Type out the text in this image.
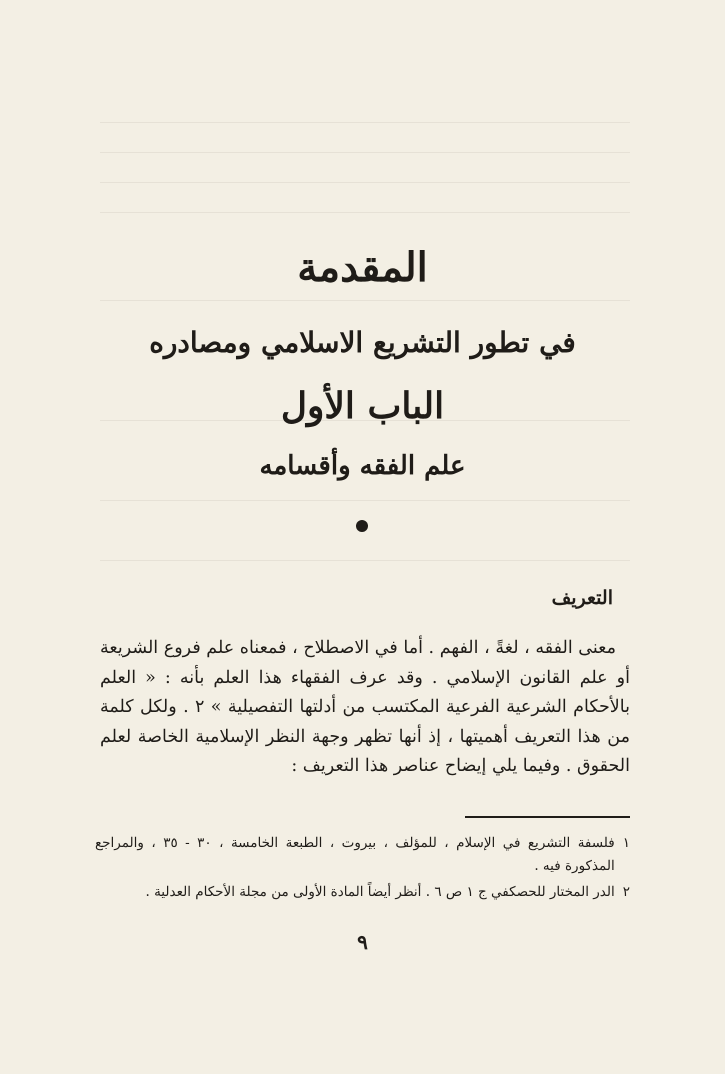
المقدمة
في تطور التشريع الاسلامي ومصادره
الباب الأول
علم الفقه وأقسامه
التعريف

معنى الفقه ، لغةً ، الفهم . أما في الاصطلاح ، فمعناه علم فروع الشريعة أو علم القانون الإسلامي . وقد عرف الفقهاء هذا العلم بأنه : « العلم بالأحكام الشرعية الفرعية المكتسب من أدلتها التفصيلية » ٢ . ولكل كلمة من هذا التعريف أهميتها ، إذ أنها تظهر وجهة النظر الإسلامية الخاصة لعلم الحقوق . وفيما يلي إيضاح عناصر هذا التعريف :

١
فلسفة التشريع في الإسلام ، للمؤلف ، بيروت ، الطبعة الخامسة ، ٣٠ - ٣٥ ، والمراجع المذكورة فيه .
٢
الدر المختار للحصكفي ج ١ ص ٦ . أنظر أيضاً المادة الأولى من مجلة الأحكام العدلية .
٩
